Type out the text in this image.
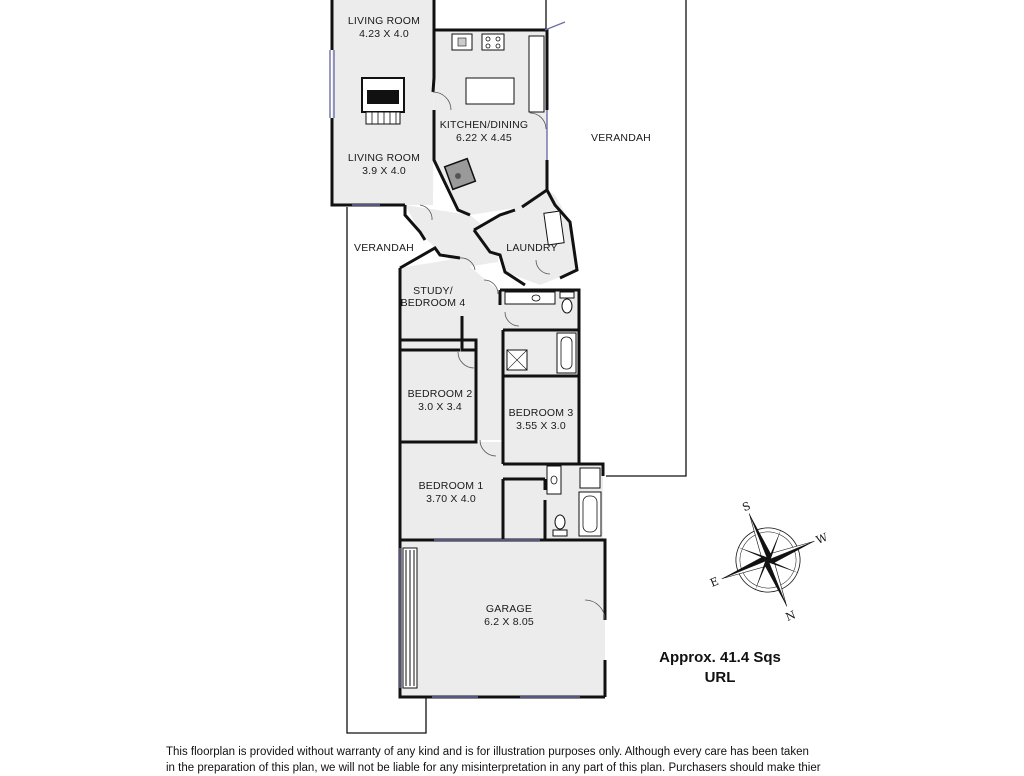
LIVING ROOM
4.23 X 4.0
LIVING ROOM
3.9 X 4.0
KITCHEN/DINING
6.22 X 4.45	VERANDAH
VERANDAH	LAUNDRY
STUDY/
BEDROOM 4
BEDROOM 2
3.0 X 3.4	BEDROOM 3
3.55 X 3.0
BEDROOM 1
3.70 X 4.0
GARAGE
6.2 X 8.05
S
W
N
E
Approx. 41.4 Sqs
URL
This floorplan is provided without warranty of any kind and is for illustration purposes only. Although every care has been taken
in the preparation of this plan, we will not be liable for any misinterpretation in any part of this plan. Purchasers should make thier
